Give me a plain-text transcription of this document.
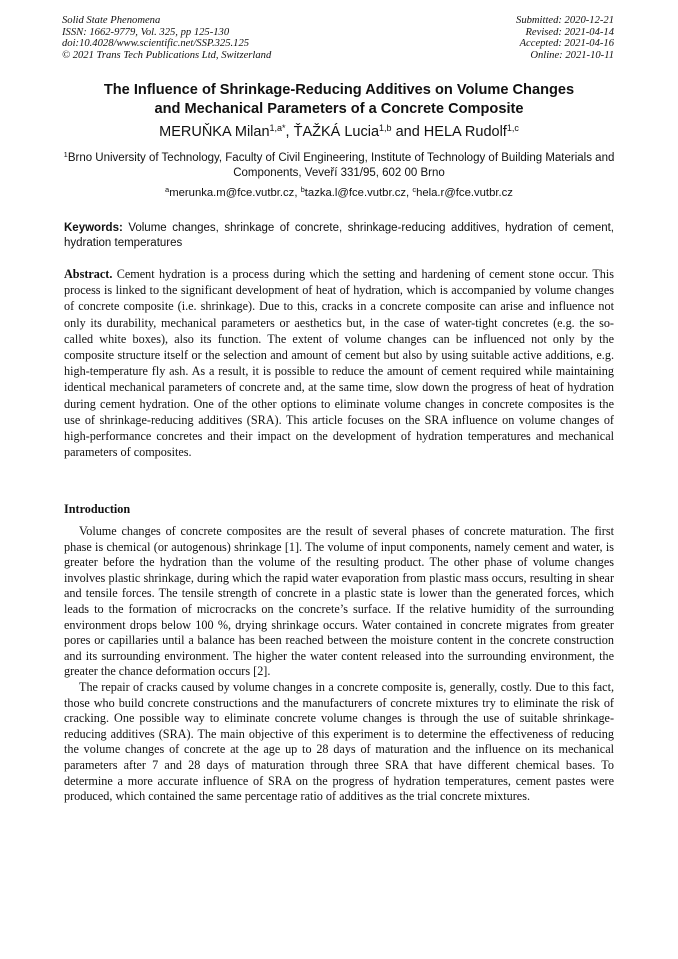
Solid State Phenomena
ISSN: 1662-9779, Vol. 325, pp 125-130
doi:10.4028/www.scientific.net/SSP.325.125
© 2021 Trans Tech Publications Ltd, Switzerland
Submitted: 2020-12-21
Revised: 2021-04-14
Accepted: 2021-04-16
Online: 2021-10-11
The Influence of Shrinkage-Reducing Additives on Volume Changes
and Mechanical Parameters of a Concrete Composite
MERUŇKA Milan$^{1,a*}$, ŤAŽKÁ Lucia$^{1,b}$ and HELA Rudolf$^{1,c}$
$^1$Brno University of Technology, Faculty of Civil Engineering, Institute of Technology of Building Materials and Components, Veveří 331/95, 602 00 Brno
$^a$merunka.m@fce.vutbr.cz, $^b$tazka.l@fce.vutbr.cz, $^c$hela.r@fce.vutbr.cz
Keywords: Volume changes, shrinkage of concrete, shrinkage-reducing additives, hydration of cement, hydration temperatures
Abstract. Cement hydration is a process during which the setting and hardening of cement stone occur. This process is linked to the significant development of heat of hydration, which is accompanied by volume changes of concrete composite (i.e. shrinkage). Due to this, cracks in a concrete composite can arise and influence not only its durability, mechanical parameters or aesthetics but, in the case of water-tight concretes (e.g. the so-called white boxes), also its function. The extent of volume changes can be influenced not only by the composite structure itself or the selection and amount of cement but also by using suitable active additions, e.g. high-temperature fly ash. As a result, it is possible to reduce the amount of cement required while maintaining identical mechanical parameters of concrete and, at the same time, slow down the progress of heat of hydration during cement hydration. One of the other options to eliminate volume changes in concrete composites is the use of shrinkage-reducing additives (SRA). This article focuses on the SRA influence on volume changes of high-performance concretes and their impact on the development of hydration temperatures and mechanical parameters of composites.
Introduction

Volume changes of concrete composites are the result of several phases of concrete maturation. The first phase is chemical (or autogenous) shrinkage [1]. The volume of input components, namely cement and water, is greater before the hydration than the volume of the resulting product. The other phase of volume changes involves plastic shrinkage, during which the rapid water evaporation from plastic mass occurs, resulting in shear and tensile forces. The tensile strength of concrete in a plastic state is lower than the generated forces, which leads to the formation of microcracks on the concrete’s surface. If the relative humidity of the surrounding environment drops below 100 %, drying shrinkage occurs. Water contained in concrete migrates from greater pores or capillaries until a balance has been reached between the moisture content in the concrete construction and its surrounding environment. The higher the water content released into the surrounding environment, the greater the chance deformation occurs [2].

The repair of cracks caused by volume changes in a concrete composite is, generally, costly. Due to this fact, those who build concrete constructions and the manufacturers of concrete mixtures try to eliminate the risk of cracking. One possible way to eliminate concrete volume changes is through the use of suitable shrinkage-reducing additives (SRA). The main objective of this experiment is to determine the effectiveness of reducing the volume changes of concrete at the age up to 28 days of maturation and the influence on its mechanical parameters after 7 and 28 days of maturation through three SRA that have different chemical bases. To determine a more accurate influence of SRA on the progress of hydration temperatures, cement pastes were produced, which contained the same percentage ratio of additives as the trial concrete mixtures.
